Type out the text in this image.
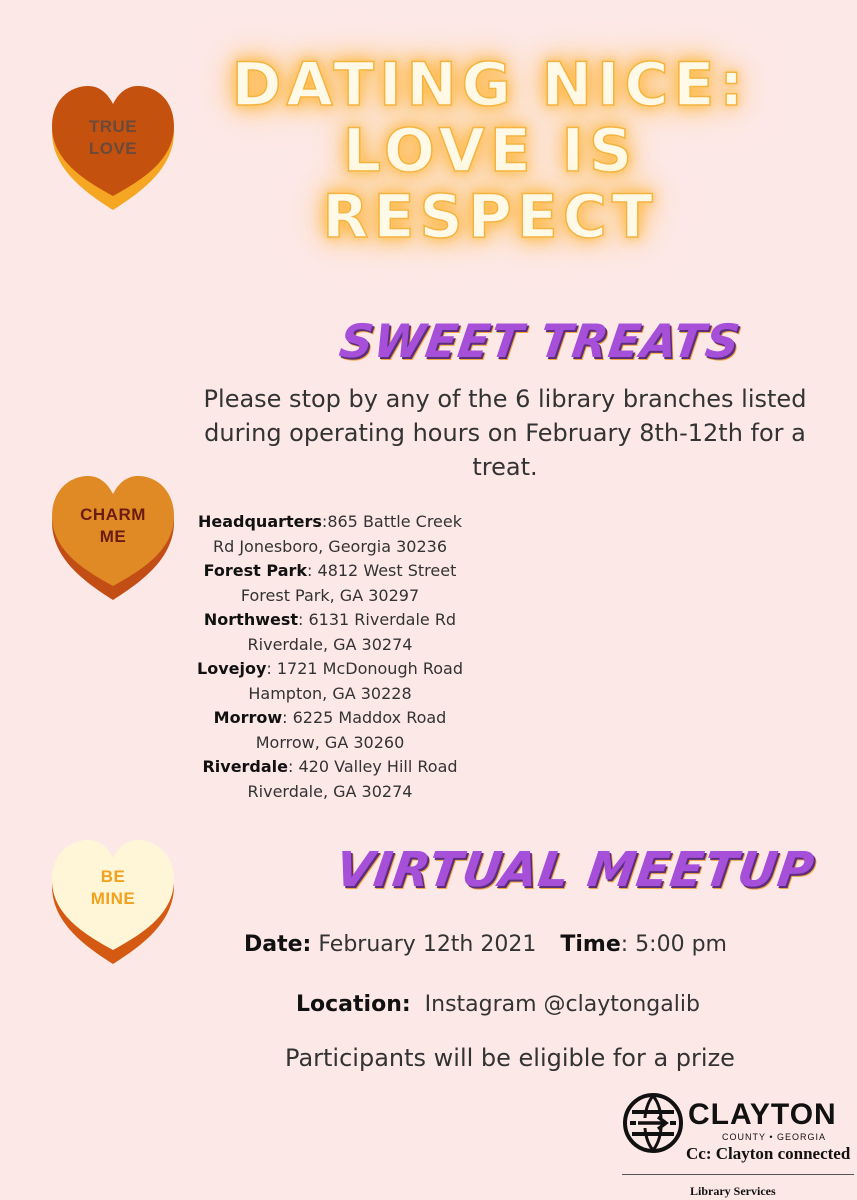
DATING NICE:
LOVE IS
RESPECT
TRUE
LOVE
CHARM
ME
BE
MINE
SWEET TREATS
Please stop by any of the 6 library branches listed during operating hours on February 8th-12th for a treat.
Headquarters:865 Battle Creek
Rd Jonesboro, Georgia 30236
Forest Park: 4812 West Street
Forest Park, GA 30297
Northwest: 6131 Riverdale Rd
Riverdale, GA 30274
Lovejoy: 1721 McDonough Road
Hampton, GA 30228
Morrow: 6225 Maddox Road
Morrow, GA 30260
Riverdale: 420 Valley Hill Road
Riverdale, GA 30274
VIRTUAL MEETUP
Date: February 12th 2021 Time: 5:00 pm
Location:  Instagram @claytongalib
Participants will be eligible for a prize
CLAYTON
COUNTY • GEORGIA
Cc: Clayton connected
Library Services
